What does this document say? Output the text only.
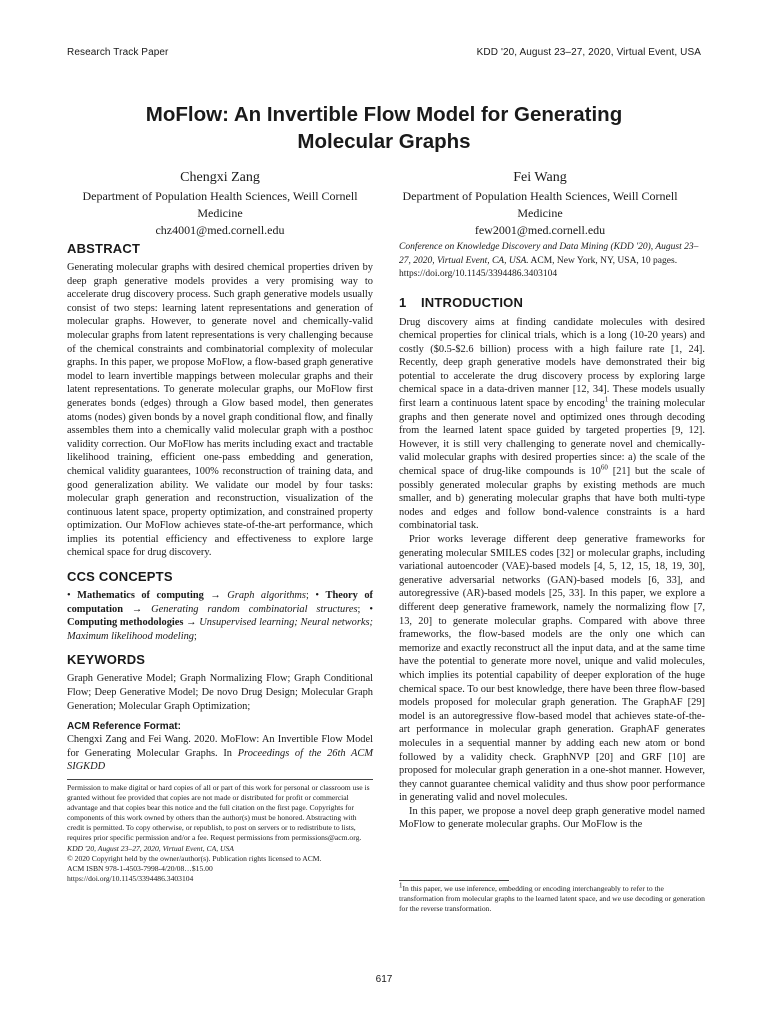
Research Track Paper	KDD '20, August 23–27, 2020, Virtual Event, USA
MoFlow: An Invertible Flow Model for Generating
Molecular Graphs
Chengxi Zang
Department of Population Health Sciences, Weill Cornell
Medicine
chz4001@med.cornell.edu
Fei Wang
Department of Population Health Sciences, Weill Cornell
Medicine
few2001@med.cornell.edu
ABSTRACT

Generating molecular graphs with desired chemical properties driven by deep graph generative models provides a very promising way to accelerate drug discovery process. Such graph generative models usually consist of two steps: learning latent representations and generation of molecular graphs. However, to generate novel and chemically-valid molecular graphs from latent representations is very challenging because of the chemical constraints and combinatorial complexity of molecular graphs. In this paper, we propose MoFlow, a flow-based graph generative model to learn invertible mappings between molecular graphs and their latent representations. To generate molecular graphs, our MoFlow first generates bonds (edges) through a Glow based model, then generates atoms (nodes) given bonds by a novel graph conditional flow, and finally assembles them into a chemically valid molecular graph with a posthoc validity correction. Our MoFlow has merits including exact and tractable likelihood training, efficient one-pass embedding and generation, chemical validity guarantees, 100% reconstruction of training data, and good generalization ability. We validate our model by four tasks: molecular graph generation and reconstruction, visualization of the continuous latent space, property optimization, and constrained property optimization. Our MoFlow achieves state-of-the-art performance, which implies its potential efficiency and effectiveness to explore large chemical space for drug discovery.

CCS CONCEPTS

• Mathematics of computing → Graph algorithms; • Theory of computation → Generating random combinatorial structures; • Computing methodologies → Unsupervised learning; Neural networks; Maximum likelihood modeling;

KEYWORDS

Graph Generative Model; Graph Normalizing Flow; Graph Conditional Flow; Deep Generative Model; De novo Drug Design; Molecular Graph Generation; Molecular Graph Optimization;

ACM Reference Format:

Chengxi Zang and Fei Wang. 2020. MoFlow: An Invertible Flow Model for Generating Molecular Graphs. In Proceedings of the 26th ACM SIGKDD

Permission to make digital or hard copies of all or part of this work for personal or classroom use is granted without fee provided that copies are not made or distributed for profit or commercial advantage and that copies bear this notice and the full citation on the first page. Copyrights for components of this work owned by others than the author(s) must be honored. Abstracting with credit is permitted. To copy otherwise, or republish, to post on servers or to redistribute to lists, requires prior specific permission and/or a fee. Request permissions from permissions@acm.org.

KDD '20, August 23–27, 2020, Virtual Event, CA, USA

© 2020 Copyright held by the owner/author(s). Publication rights licensed to ACM.

ACM ISBN 978-1-4503-7998-4/20/08…$15.00

https://doi.org/10.1145/3394486.3403104

Conference on Knowledge Discovery and Data Mining (KDD '20), August 23–27, 2020, Virtual Event, CA, USA. ACM, New York, NY, USA, 10 pages. https://doi.org/10.1145/3394486.3403104

1 INTRODUCTION

Drug discovery aims at finding candidate molecules with desired chemical properties for clinical trials, which is a long (10-20 years) and costly ($0.5-$2.6 billion) process with a high failure rate [1, 24]. Recently, deep graph generative models have demonstrated their big potential to accelerate the drug discovery process by exploring large chemical space in a data-driven manner [12, 34]. These models usually first learn a continuous latent space by encoding$^1$ the training molecular graphs and then generate novel and optimized ones through decoding from the learned latent space guided by targeted properties [9, 12]. However, it is still very challenging to generate novel and chemically-valid molecular graphs with desired properties since: a) the scale of the chemical space of drug-like compounds is $10^{60}$ [21] but the scale of possibly generated molecular graphs by existing methods are much smaller, and b) generating molecular graphs that have both multi-type nodes and edges and follow bond-valence constraints is a hard combinatorial task.

Prior works leverage different deep generative frameworks for generating molecular SMILES codes [32] or molecular graphs, including variational autoencoder (VAE)-based models [4, 5, 12, 15, 18, 19, 30], generative adversarial networks (GAN)-based models [6, 33], and autoregressive (AR)-based models [25, 33]. In this paper, we explore a different deep generative framework, namely the normalizing flow [7, 13, 20] to generate molecular graphs. Compared with above three frameworks, the flow-based models are the only one which can memorize and exactly reconstruct all the input data, and at the same time have the potential to generate more novel, unique and valid molecules, which implies its potential capability of deeper exploration of the huge chemical space. To our best knowledge, there have been three flow-based models proposed for molecular graph generation. The GraphAF [29] model is an autoregressive flow-based model that achieves state-of-the-art performance in molecular graph generation. GraphAF generates molecules in a sequential manner by adding each new atom or bond followed by a validity check. GraphNVP [20] and GRF [10] are proposed for molecular graph generation in a one-shot manner. However, they cannot guarantee chemical validity and thus show poor performance in generating valid and novel molecules.

In this paper, we propose a novel deep graph generative model named MoFlow to generate molecular graphs. Our MoFlow is the

$^1$In this paper, we use inference, embedding or encoding interchangeably to refer to the transformation from molecular graphs to the learned latent space, and we use decoding or generation for the reverse transformation.

617
